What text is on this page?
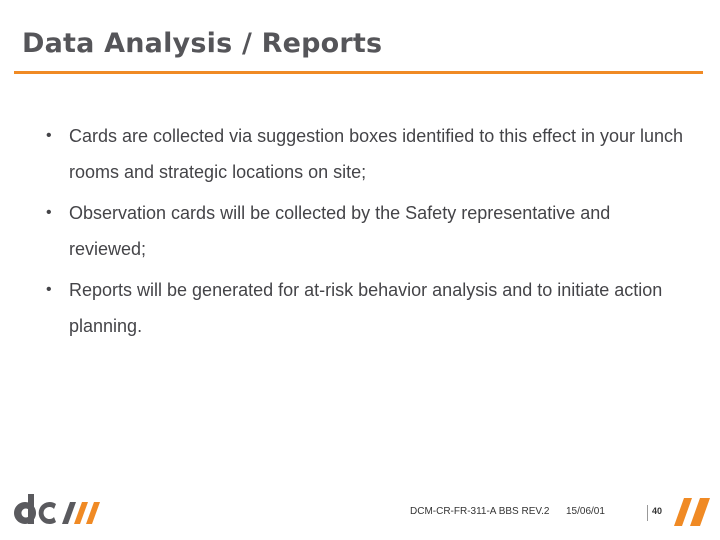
Data Analysis / Reports
• Cards are collected via suggestion boxes identified to this effect in your lunch rooms and strategic locations on site;
• Observation cards will be collected by the Safety representative and reviewed;
• Reports will be generated for at-risk behavior analysis and to initiate action planning.
DCM-CR-FR-311-A BBS REV.2 15/06/01	40
